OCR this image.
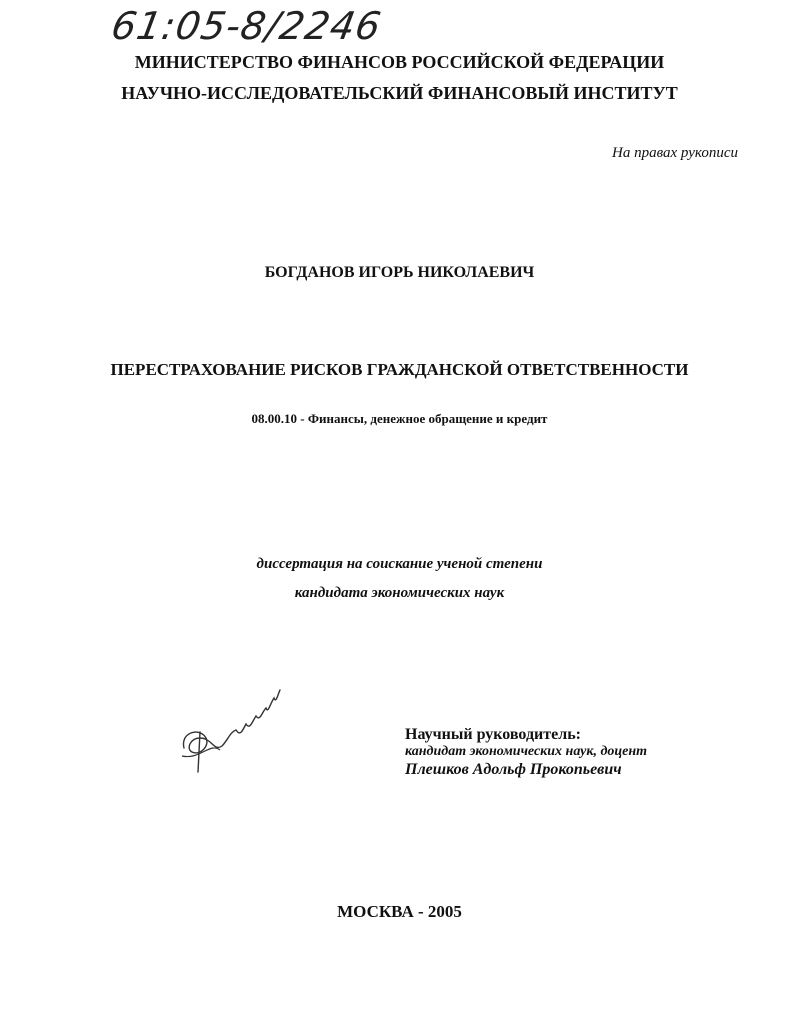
61:05-8/2246
МИНИСТЕРСТВО ФИНАНСОВ РОССИЙСКОЙ ФЕДЕРАЦИИ
НАУЧНО-ИССЛЕДОВАТЕЛЬСКИЙ ФИНАНСОВЫЙ ИНСТИТУТ
На правах рукописи
БОГДАНОВ ИГОРЬ НИКОЛАЕВИЧ
ПЕРЕСТРАХОВАНИЕ РИСКОВ ГРАЖДАНСКОЙ ОТВЕТСТВЕННОСТИ
08.00.10 - Финансы, денежное обращение и кредит
диссертация на соискание ученой степени
кандидата экономических наук
Научный руководитель:
кандидат экономических наук, доцент
Плешков Адольф Прокопьевич
МОСКВА - 2005
